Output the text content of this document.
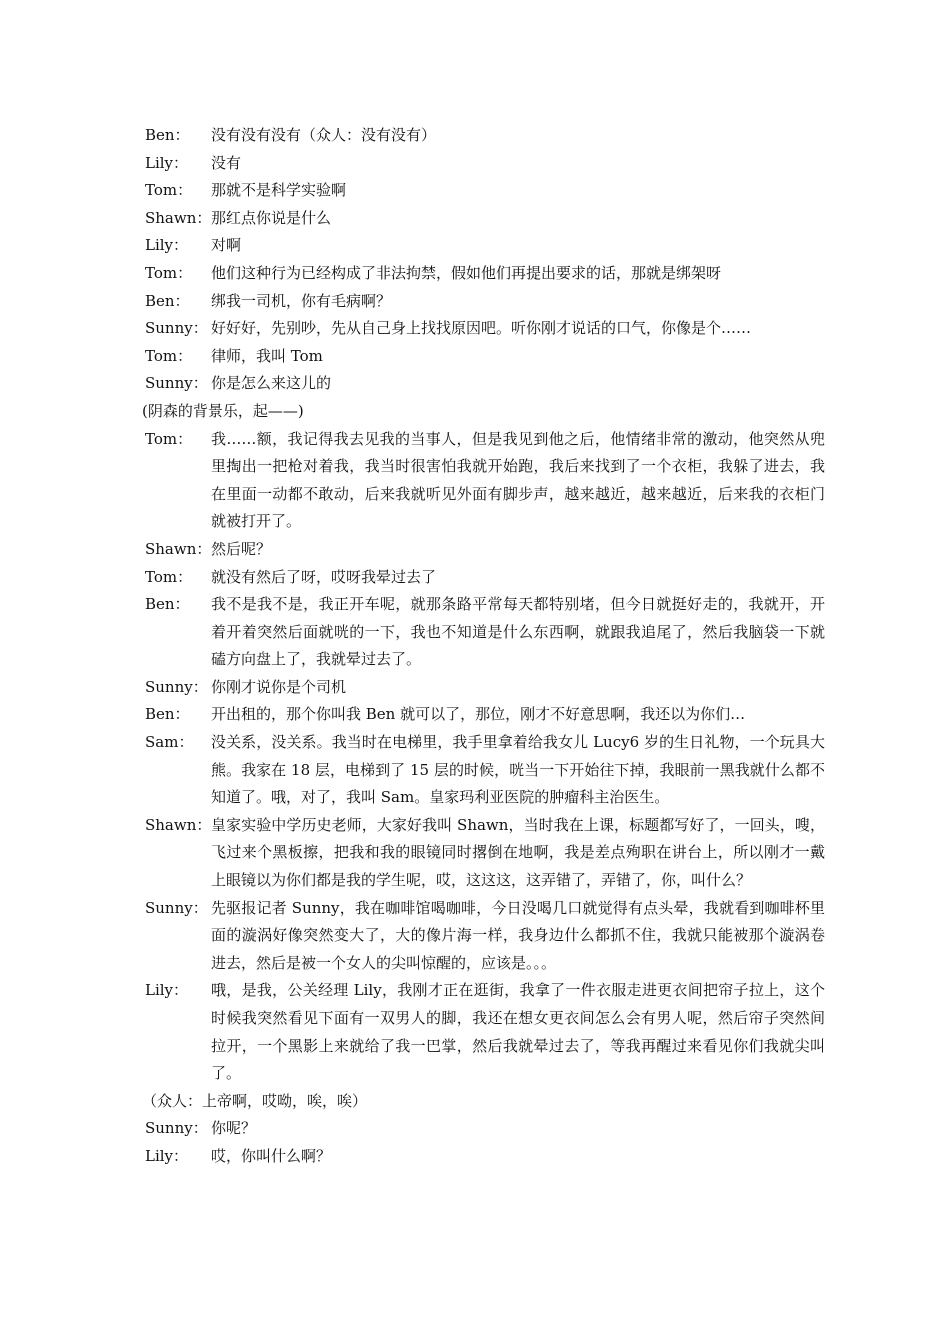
Ben：	没有没有没有（众人：没有没有）
Lily：	没有
Tom：	那就不是科学实验啊
Shawn： 那红点你说是什么
Lily：	对啊
Tom：	他们这种行为已经构成了非法拘禁，假如他们再提出要求的话，那就是绑架呀
Ben：	绑我一司机，你有毛病啊？
Sunny： 好好好，先别吵，先从自己身上找找原因吧。听你刚才说话的口气，你像是个……
Tom：	律师，我叫 Tom
Sunny： 你是怎么来这儿的
(阴森的背景乐，起——)
Tom：	我……额，我记得我去见我的当事人，但是我见到他之后，他情绪非常的激动，他突然从兜里掏出一把枪对着我，我当时很害怕我就开始跑，我后来找到了一个衣柜，我躲了进去，我在里面一动都不敢动，后来我就听见外面有脚步声，越来越近，越来越近，后来我的衣柜门就被打开了。
Shawn： 然后呢？
Tom：	就没有然后了呀，哎呀我晕过去了
Ben：	我不是我不是，我正开车呢，就那条路平常每天都特别堵，但今日就挺好走的，我就开，开着开着突然后面就咣的一下，我也不知道是什么东西啊，就跟我追尾了，然后我脑袋一下就磕方向盘上了，我就晕过去了。
Sunny： 你刚才说你是个司机
Ben：	开出租的，那个你叫我 Ben 就可以了，那位，刚才不好意思啊，我还以为你们…
Sam：	没关系，没关系。我当时在电梯里，我手里拿着给我女儿 Lucy6 岁的生日礼物，一个玩具大熊。我家在 18 层，电梯到了 15 层的时候，咣当一下开始往下掉，我眼前一黑我就什么都不知道了。哦，对了，我叫 Sam。皇家玛利亚医院的肿瘤科主治医生。
Shawn： 皇家实验中学历史老师，大家好我叫 Shawn，当时我在上课，标题都写好了，一回头，嗖，飞过来个黑板擦，把我和我的眼镜同时撂倒在地啊，我是差点殉职在讲台上，所以刚才一戴上眼镜以为你们都是我的学生呢，哎，这这这，这弄错了，弄错了，你，叫什么？
Sunny： 先驱报记者 Sunny，我在咖啡馆喝咖啡，今日没喝几口就觉得有点头晕，我就看到咖啡杯里面的漩涡好像突然变大了，大的像片海一样，我身边什么都抓不住，我就只能被那个漩涡卷进去，然后是被一个女人的尖叫惊醒的，应该是。。。
Lily：	哦，是我，公关经理 Lily，我刚才正在逛街，我拿了一件衣服走进更衣间把帘子拉上，这个时候我突然看见下面有一双男人的脚，我还在想女更衣间怎么会有男人呢，然后帘子突然间拉开，一个黑影上来就给了我一巴掌，然后我就晕过去了，等我再醒过来看见你们我就尖叫了。
（众人：上帝啊，哎呦，唉，唉）
Sunny： 你呢？
Lily：	哎，你叫什么啊？
